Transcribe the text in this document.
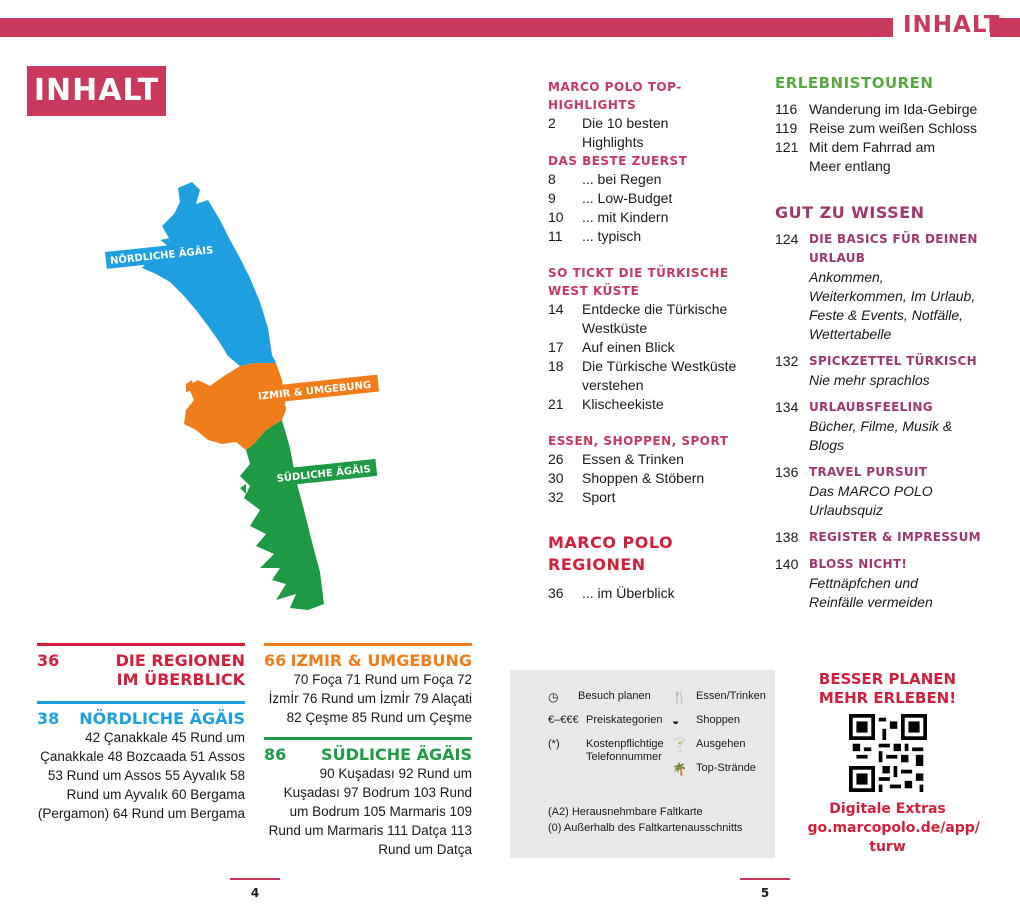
INHALT
INHALT
NÖRDLICHE ÄGÄIS
IZMIR & UMGEBUNG
SÜDLICHE ÄGÄIS
MARCO POLO TOP-HIGHLIGHTS
2	Die 10 besten Highlights
DAS BESTE ZUERST
8	... bei Regen
9	... Low-Budget
10	... mit Kindern
11	... typisch
SO TICKT DIE TÜRKISCHE WEST KÜSTE
14	Entdecke die Türkische Westküste
17	Auf einen Blick
18	Die Türkische Westküste verstehen
21	Klischeekiste
ESSEN, SHOPPEN, SPORT
26	Essen & Trinken
30	Shoppen & Stöbern
32	Sport
MARCO POLO REGIONEN
36	... im Überblick
ERLEBNISTOUREN
116 Wanderung im Ida-Gebirge
119 Reise zum weißen Schloss
121 Mit dem Fahrrad am Meer entlang
GUT ZU WISSEN
124 DIE BASICS FÜR DEINEN URLAUB
Ankommen, Weiterkommen, Im Urlaub, Feste & Events, Notfälle, Wettertabelle
132 SPICKZETTEL TÜRKISCH
Nie mehr sprachlos
134 URLAUBSFEELING
Bücher, Filme, Musik & Blogs
136 TRAVEL PURSUIT
Das MARCO POLO Urlaubsquiz
138 REGISTER & IMPRESSUM
140 BLOSS NICHT!
Fettnäpfchen und Reinfälle vermeiden
36	DIE REGIONEN IM ÜBERBLICK
38 NÖRDLICHE ÄGÄIS
42 Çanakkale 45 Rund um Çanakkale 48 Bozcaada 51 Assos 53 Rund um Assos 55 Ayvalık 58 Rund um Ayvalık 60 Bergama (Pergamon) 64 Rund um Bergama
66 IZMIR & UMGEBUNG
70 Foça 71 Rund um Foça 72 İzmİr 76 Rund um İzmİr 79 Alaçati 82 Çeşme 85 Rund um Çeşme
86 SÜDLICHE ÄGÄIS
90 Kuşadası 92 Rund um Kuşadası 97 Bodrum 103 Rund um Bodrum 105 Marmaris 109 Rund um Marmaris 111 Datça 113 Rund um Datça
◷	Besuch planen
€–€€€ Preiskategorien
(*)	Kostenpflichtige Telefonnummer
🍴 Essen/Trinken
◒	Shoppen
🍸 Ausgehen
🌴 Top-Strände
(A2) Herausnehmbare Faltkarte
(0) Außerhalb des Faltkartenausschnitts
BESSER PLANEN MEHR ERLEBEN!
Digitale Extras
go.marcopolo.de/app/ turw
4	5
